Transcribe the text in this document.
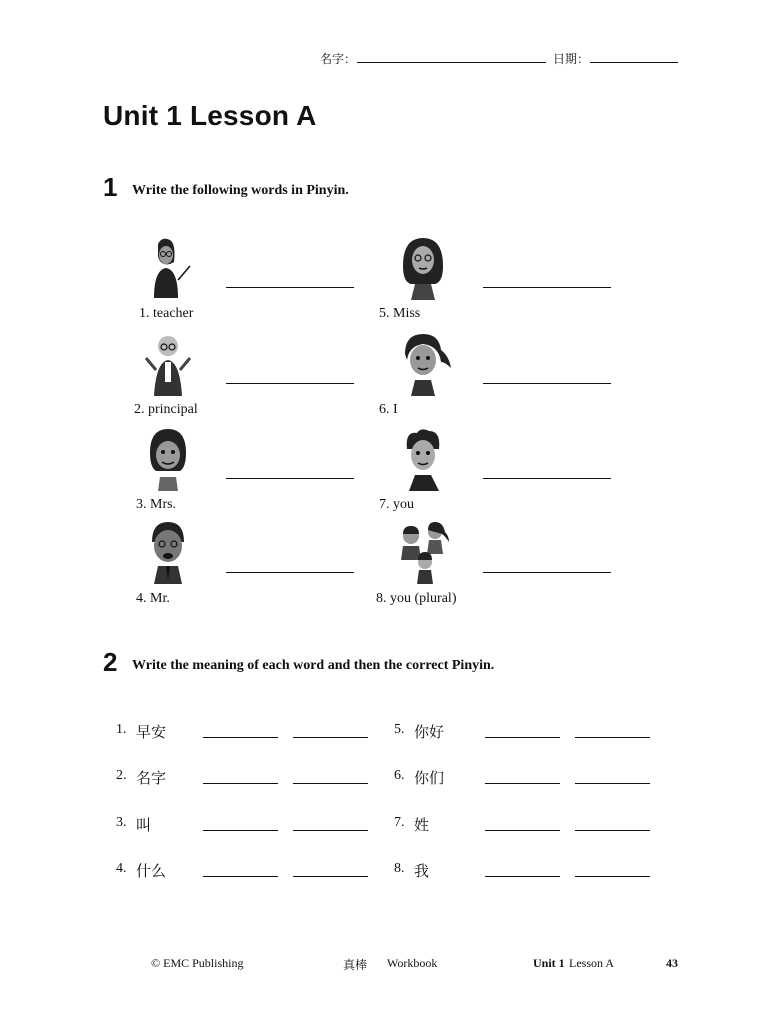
名字：	日期：
Unit 1 Lesson A
1 Write the following words in Pinyin.
1. teacher
2. principal
3. Mrs.
4. Mr.
5. Miss
6. I
7. you
8. you (plural)
2 Write the meaning of each word and then the correct Pinyin.
1. 早安
2. 名字
3. 叫
4. 什么
5. 你好
6. 你们
7. 姓
8. 我
© EMC Publishing	真棒 Workbook	Unit 1 Lesson A	43
